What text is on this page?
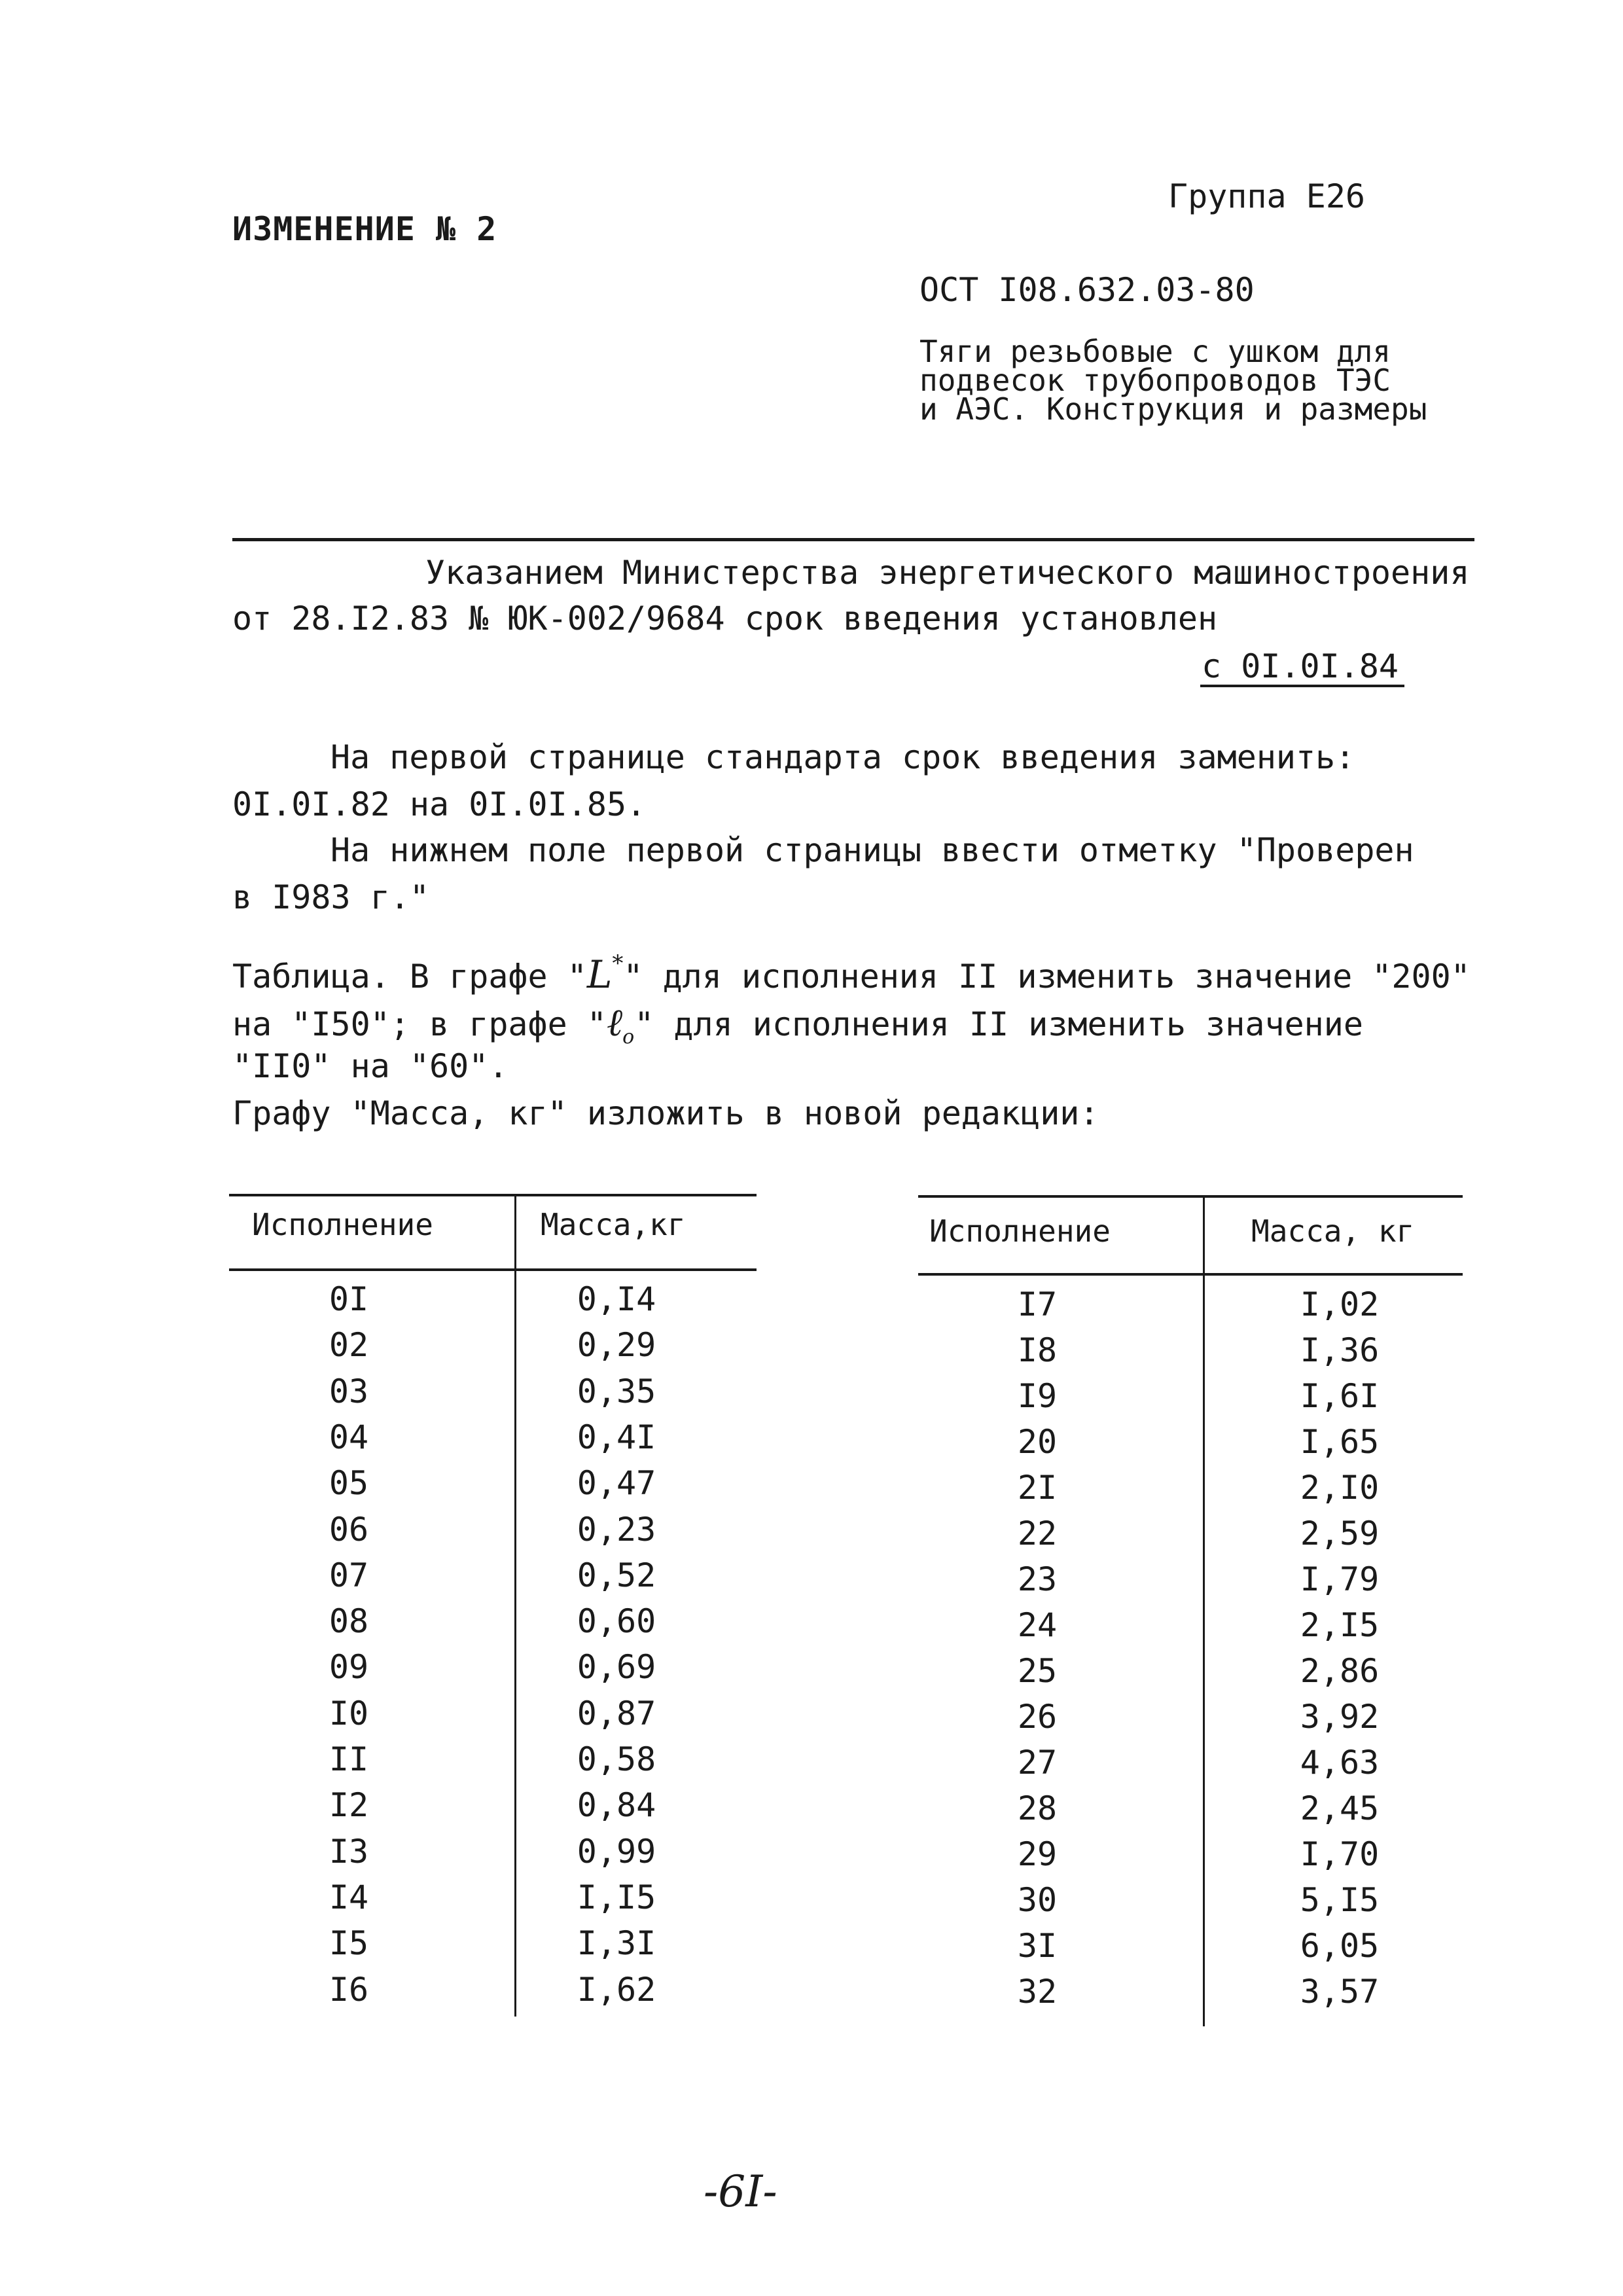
ИЗМЕНЕНИЕ № 2
Группа Е26
ОСТ I08.632.03-80
Тяги резьбовые с ушком для
подвесок трубопроводов ТЭС
и АЭС. Конструкция и размеры
Указанием Министерства энергетического машиностроения
от 28.I2.83 № ЮК-002/9684 срок введения установлен
с 0I.0I.84
На первой странице стандарта срок введения заменить:
0I.0I.82 на 0I.0I.85.
На нижнем поле первой страницы ввести отметку "Проверен
в I983 г."
Таблица. В графе "L*" для исполнения II изменить значение "200"
на "I50"; в графе "ℓ$_o$" для исполнения II изменить значение
"II0" на "60".
Графу "Масса, кг" изложить в новой редакции:
Исполнение	Масса,кг
0I	0,I4
02	0,29
03	0,35
04	0,4I
05	0,47
06	0,23
07	0,52
08	0,60
09	0,69
I0	0,87
II	0,58
I2	0,84
I3	0,99
I4	I,I5
I5	I,3I
I6	I,62
Исполнение	Масса, кг
I7	I,02
I8	I,36
I9	I,6I
20	I,65
2I	2,I0
22	2,59
23	I,79
24	2,I5
25	2,86
26	3,92
27	4,63
28	2,45
29	I,70
30	5,I5
3I	6,05
32	3,57
-6I-
